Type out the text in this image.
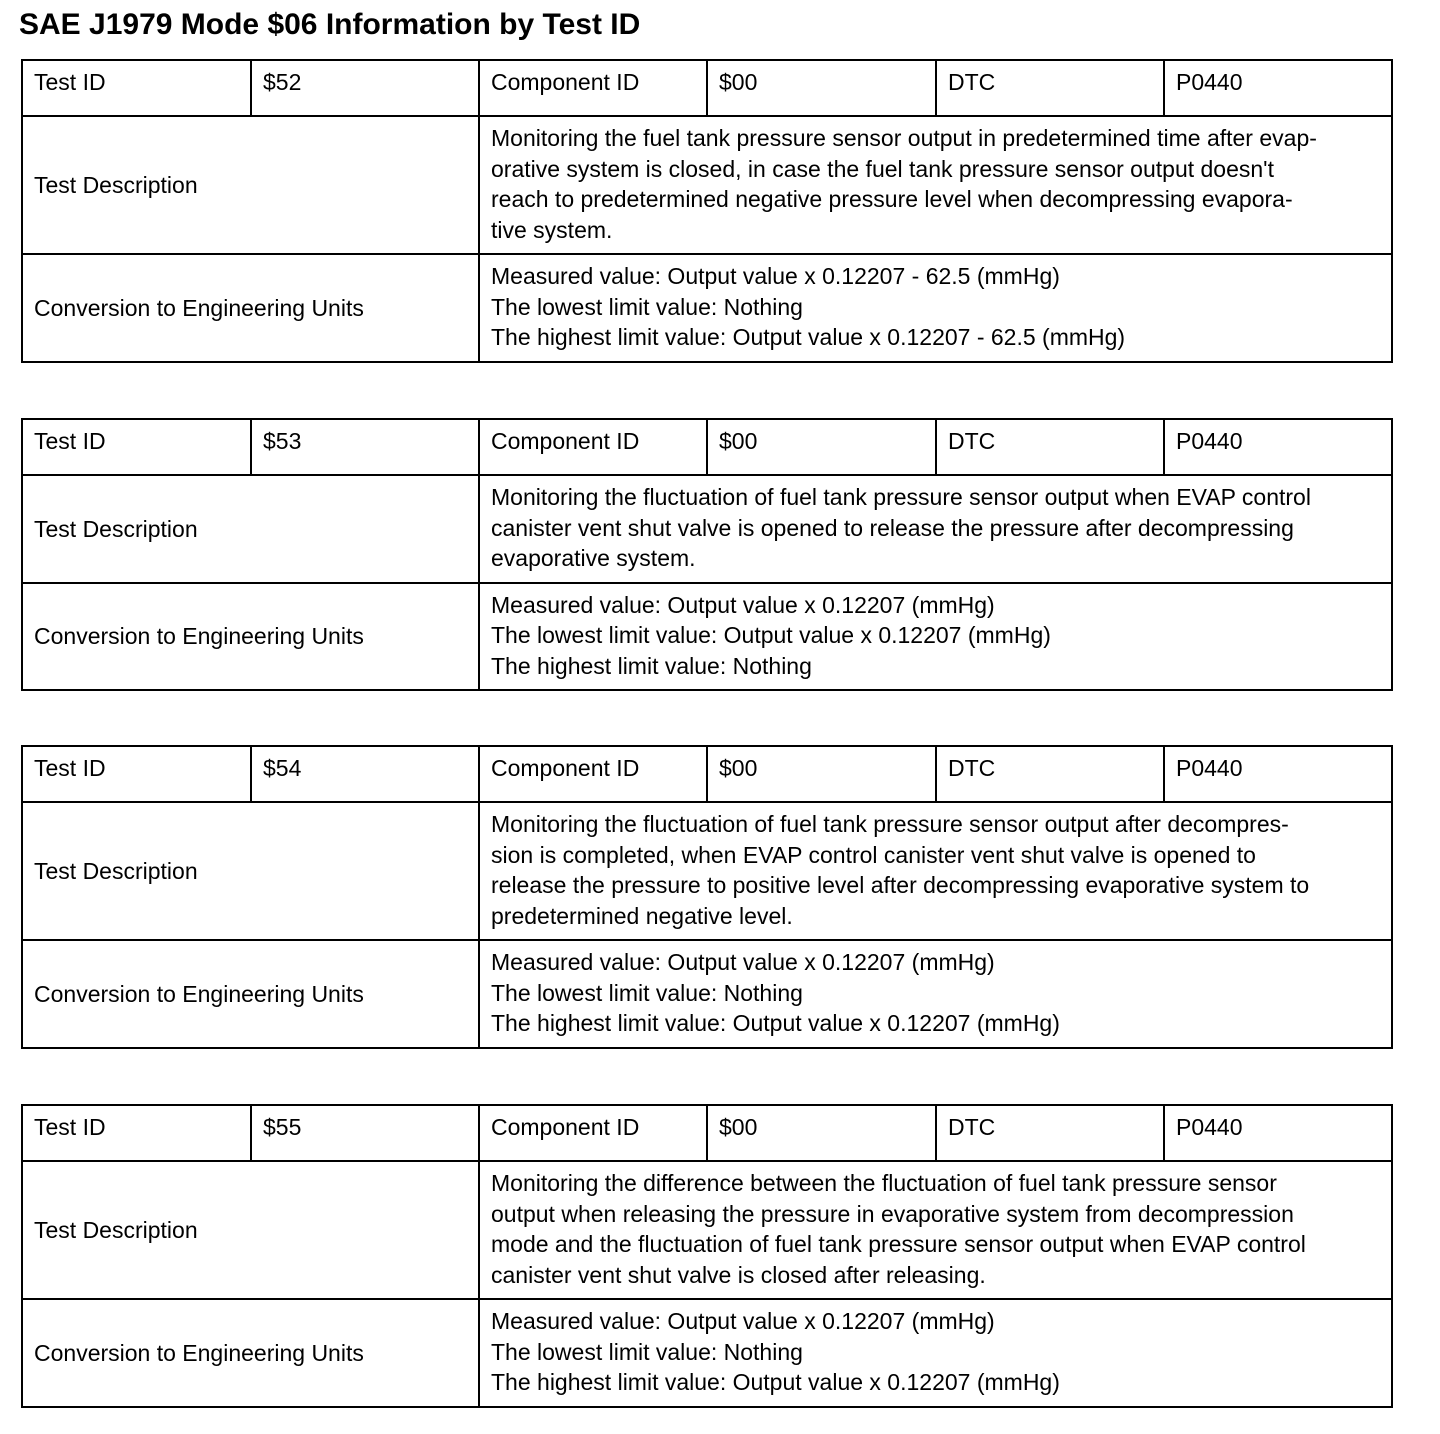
SAE J1979 Mode $06 Information by Test ID
Test ID	$52	Component ID	$00	DTC	P0440
Test Description		Monitoring the fuel tank pressure sensor output in predetermined time after evap-
orative system is closed, in case the fuel tank pressure sensor output doesn't
reach to predetermined negative pressure level when decompressing evapora-
tive system.			

Conversion to Engineering Units		Measured value: Output value x 0.12207 - 62.5 (mmHg)
The lowest limit value: Nothing
The highest limit value: Output value x 0.12207 - 62.5 (mmHg)			
Test ID	$53	Component ID	$00	DTC	P0440
Test Description		Monitoring the fluctuation of fuel tank pressure sensor output when EVAP control
canister vent shut valve is opened to release the pressure after decompressing
evaporative system.			

Conversion to Engineering Units		Measured value: Output value x 0.12207 (mmHg)
The lowest limit value: Output value x 0.12207 (mmHg)
The highest limit value: Nothing			
Test ID	$54	Component ID	$00	DTC	P0440
Test Description		Monitoring the fluctuation of fuel tank pressure sensor output after decompres-
sion is completed, when EVAP control canister vent shut valve is opened to
release the pressure to positive level after decompressing evaporative system to
predetermined negative level.			

Conversion to Engineering Units		Measured value: Output value x 0.12207 (mmHg)
The lowest limit value: Nothing
The highest limit value: Output value x 0.12207 (mmHg)			
Test ID	$55	Component ID	$00	DTC	P0440
Test Description		Monitoring the difference between the fluctuation of fuel tank pressure sensor
output when releasing the pressure in evaporative system from decompression
mode and the fluctuation of fuel tank pressure sensor output when EVAP control
canister vent shut valve is closed after releasing.			

Conversion to Engineering Units		Measured value: Output value x 0.12207 (mmHg)
The lowest limit value: Nothing
The highest limit value: Output value x 0.12207 (mmHg)			
